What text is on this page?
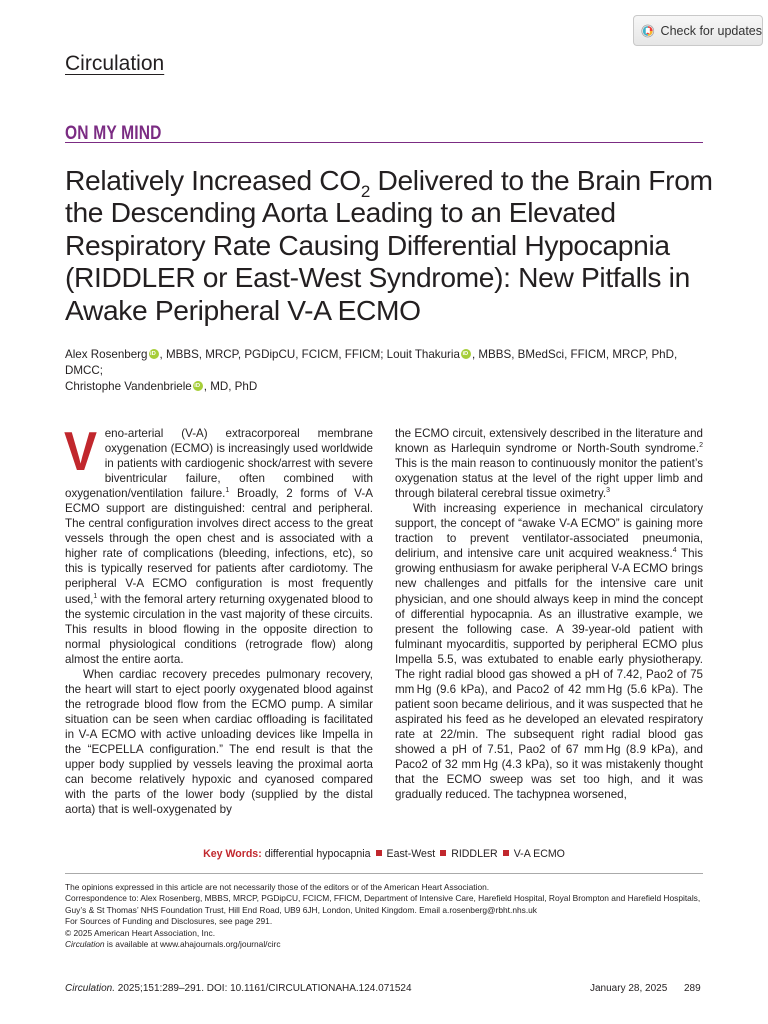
Check for updates
Circulation
ON MY MIND
Relatively Increased $CO_2$ Delivered to the Brain From the Descending Aorta Leading to an Elevated Respiratory Rate Causing Differential Hypocapnia (RIDDLER or East-West Syndrome): New Pitfalls in Awake Peripheral V-A ECMO
Alex Rosenberg iD , MBBS, MRCP, PGDipCU, FCICM, FFICM; Louit Thakuria iD , MBBS, BMedSci, FFICM, MRCP, PhD, DMCC;
Christophe Vandenbriele iD , MD, PhD

Veno-arterial (V-A) extracorporeal membrane oxygenation (ECMO) is increasingly used worldwide in patients with cardiogenic shock/arrest with severe biventricular failure, often combined with oxygenation/ventilation failure.$^1$ Broadly, 2 forms of V-A ECMO support are distinguished: central and peripheral. The central configuration involves direct access to the great vessels through the open chest and is associated with a higher rate of complications (bleeding, infections, etc), so this is typically reserved for patients after cardiotomy. The peripheral V-A ECMO configuration is most frequently used,$^1$ with the femoral artery returning oxygenated blood to the systemic circulation in the vast majority of these circuits. This results in blood flowing in the opposite direction to normal physiological conditions (retrograde flow) along almost the entire aorta.

When cardiac recovery precedes pulmonary recovery, the heart will start to eject poorly oxygenated blood against the retrograde blood flow from the ECMO pump. A similar situation can be seen when cardiac offloading is facilitated in V-A ECMO with active unloading devices like Impella in the “ECPELLA configuration.” The end result is that the upper body supplied by vessels leaving the proximal aorta can become relatively hypoxic and cyanosed compared with the parts of the lower body (supplied by the distal aorta) that is well-oxygenated by

the ECMO circuit, extensively described in the literature and known as Harlequin syndrome or North-South syndrome.$^2$ This is the main reason to continuously monitor the patient’s oxygenation status at the level of the right upper limb and through bilateral cerebral tissue oximetry.$^3$

With increasing experience in mechanical circulatory support, the concept of “awake V-A ECMO” is gaining more traction to prevent ventilator-associated pneumonia, delirium, and intensive care unit acquired weakness.$^4$ This growing enthusiasm for awake peripheral V-A ECMO brings new challenges and pitfalls for the intensive care unit physician, and one should always keep in mind the concept of differential hypocapnia. As an illustrative example, we present the following case. A 39-year-old patient with fulminant myocarditis, supported by peripheral ECMO plus Impella 5.5, was extubated to enable early physiotherapy. The right radial blood gas showed a pH of 7.42, Pao2 of 75 mm Hg (9.6 kPa), and Paco2 of 42 mm Hg (5.6 kPa). The patient soon became delirious, and it was suspected that he aspirated his feed as he developed an elevated respiratory rate at 22/min. The subsequent right radial blood gas showed a pH of 7.51, Pao2 of 67 mm Hg (8.9 kPa), and Paco2 of 32 mm Hg (4.3 kPa), so it was mistakenly thought that the ECMO sweep was set too high, and it was gradually reduced. The tachypnea worsened,

Key Words: differential hypocapnia East-West RIDDLER V-A ECMO
The opinions expressed in this article are not necessarily those of the editors or of the American Heart Association.
Correspondence to: Alex Rosenberg, MBBS, MRCP, PGDipCU, FCICM, FFICM, Department of Intensive Care, Harefield Hospital, Royal Brompton and Harefield Hospitals, Guy’s & St Thomas’ NHS Foundation Trust, Hill End Road, UB9 6JH, London, United Kingdom. Email a.rosenberg@rbht.nhs.uk
For Sources of Funding and Disclosures, see page 291.
© 2025 American Heart Association, Inc.
Circulation is available at www.ahajournals.org/journal/circ
Circulation. 2025;151:289–291. DOI: 10.1161/CIRCULATIONAHA.124.071524	January 28, 2025 289
